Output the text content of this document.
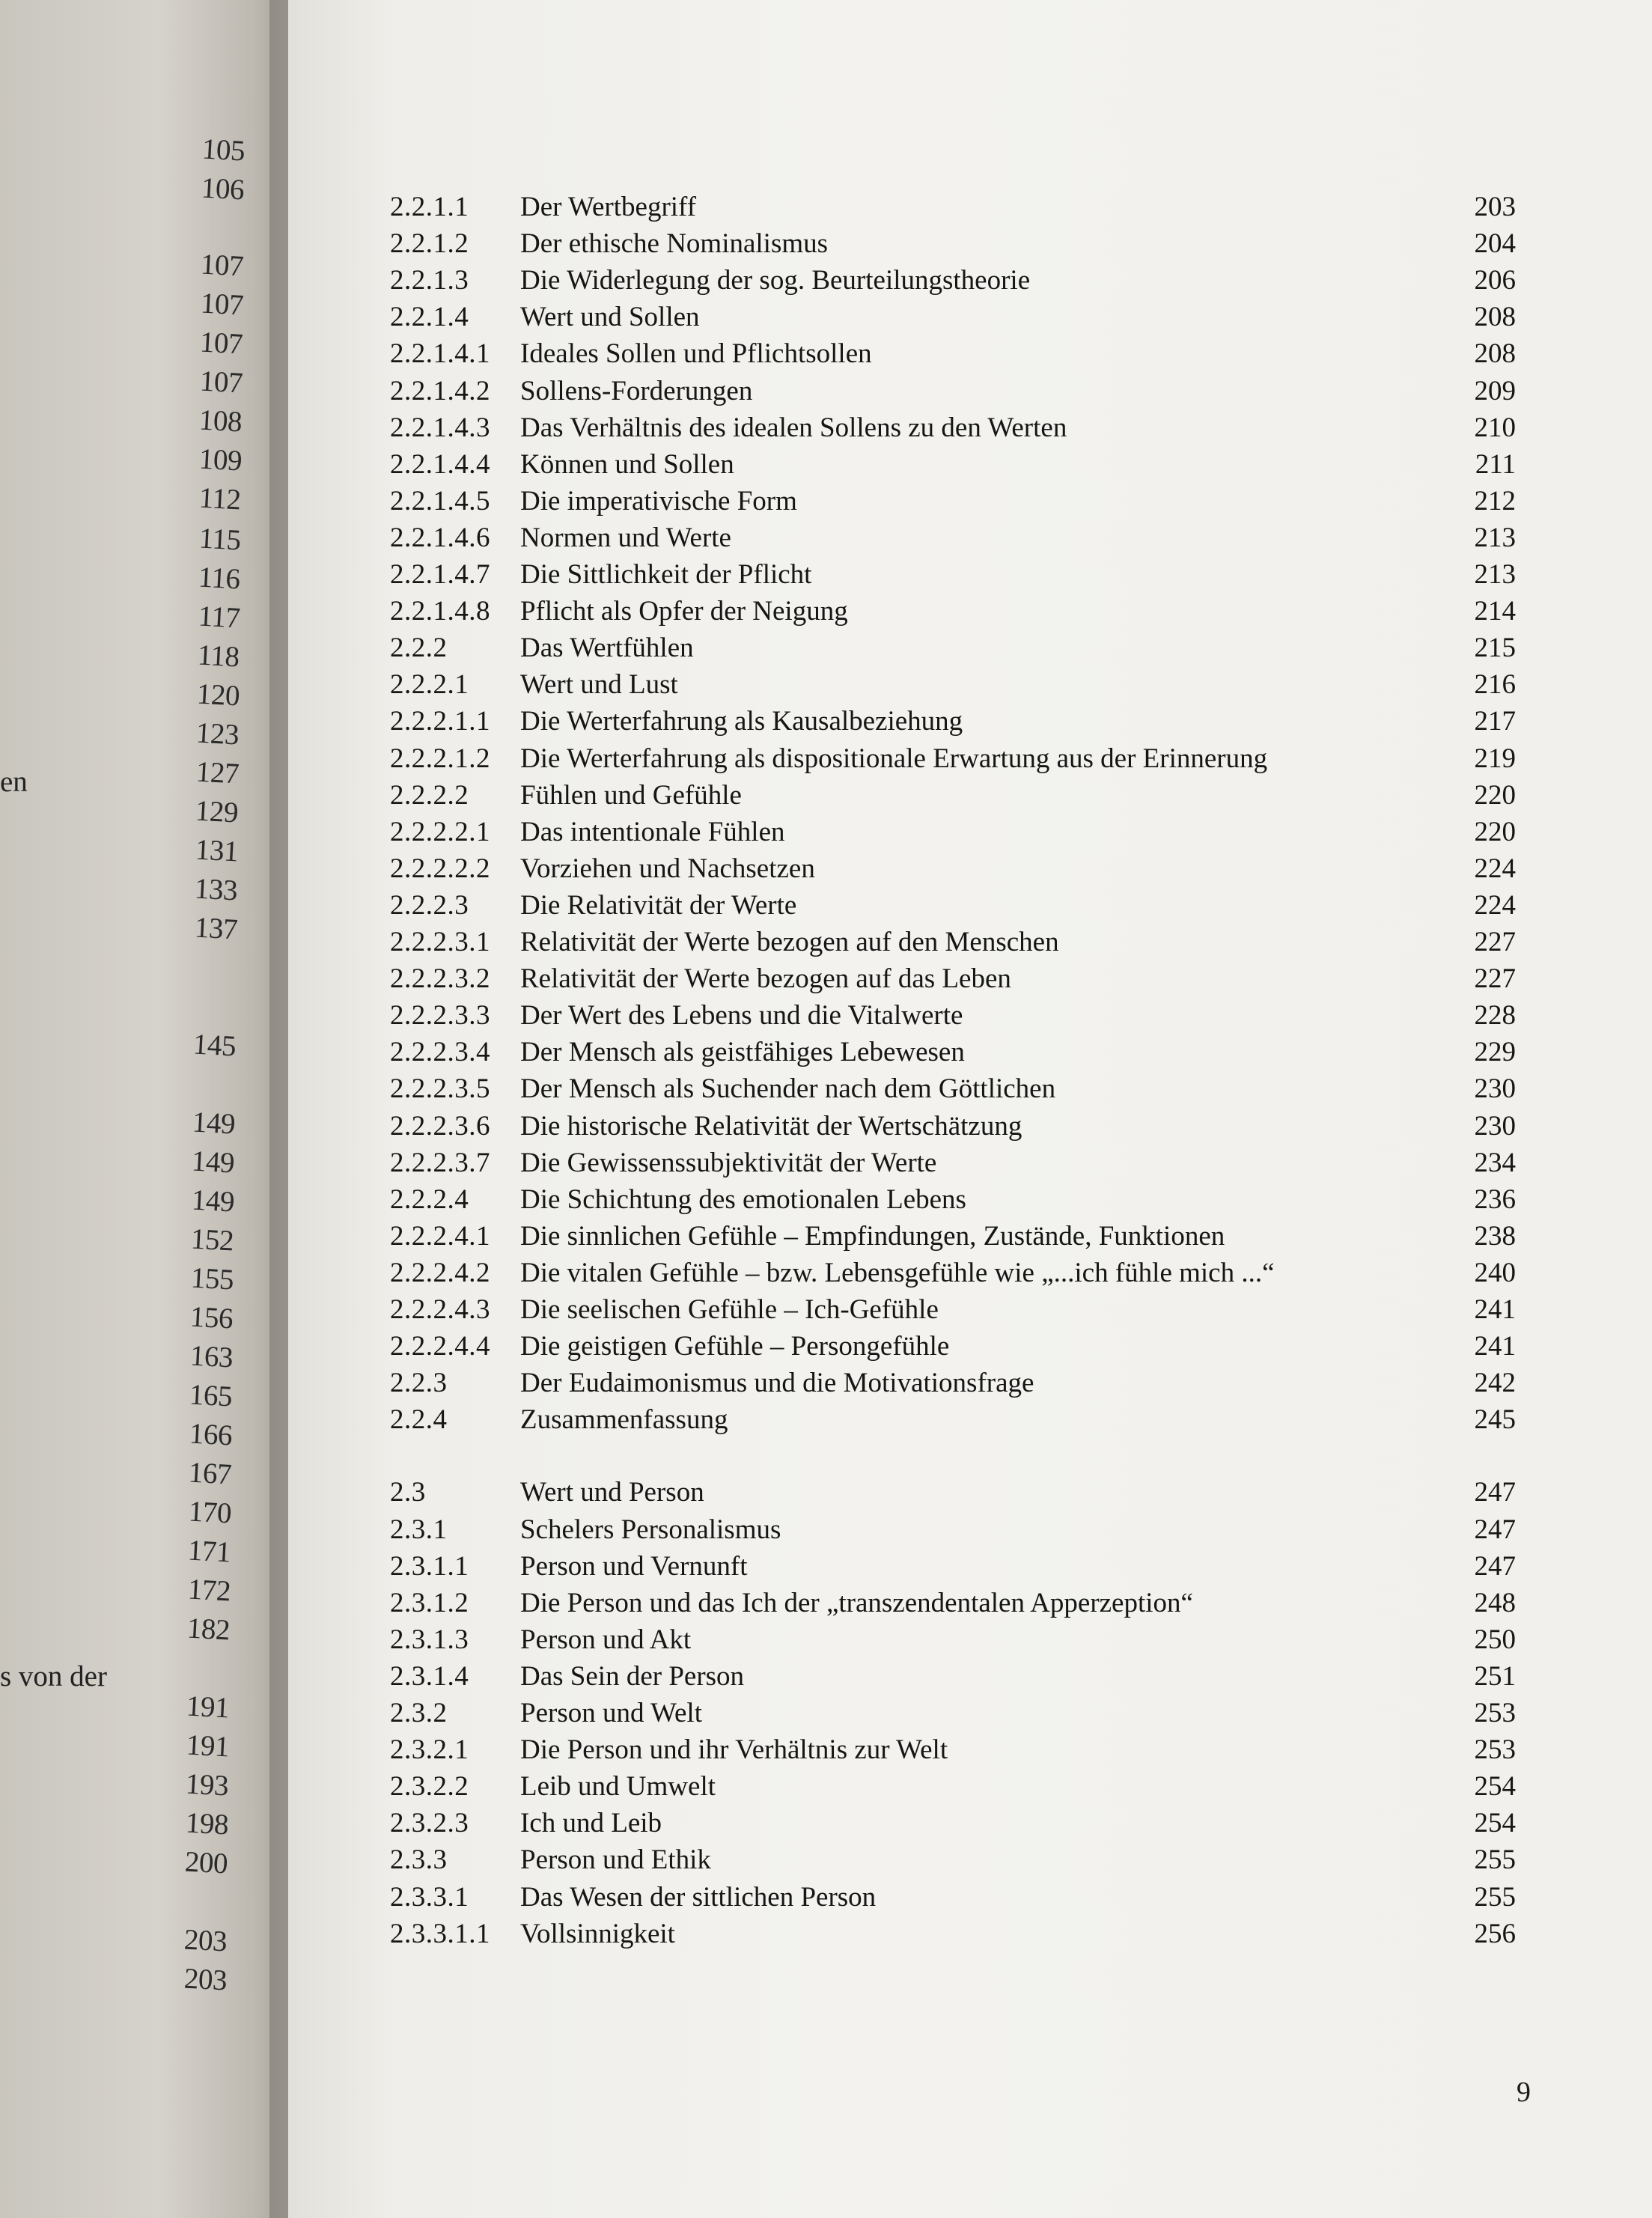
105
106
107
107
107
107
108
109
112
115
116
117
118
120
123
127
129
131
133
137
145
149
149
149
152
155
156
163
165
166
167
170
171
172
182
191
191
193
198
200
203
203
en
s von der
2.2.1.1 Der Wertbegriff	203
2.2.1.2 Der ethische Nominalismus	204
2.2.1.3 Die Widerlegung der sog. Beurteilungstheorie	206
2.2.1.4 Wert und Sollen	208
2.2.1.4.1 Ideales Sollen und Pflichtsollen	208
2.2.1.4.2 Sollens-Forderungen	209
2.2.1.4.3 Das Verhältnis des idealen Sollens zu den Werten	210
2.2.1.4.4 Können und Sollen	211
2.2.1.4.5 Die imperativische Form	212
2.2.1.4.6 Normen und Werte	213
2.2.1.4.7 Die Sittlichkeit der Pflicht	213
2.2.1.4.8 Pflicht als Opfer der Neigung	214
2.2.2	Das Wertfühlen	215
2.2.2.1 Wert und Lust	216
2.2.2.1.1 Die Werterfahrung als Kausalbeziehung	217
2.2.2.1.2 Die Werterfahrung als dispositionale Erwartung aus der Erinnerung	219
2.2.2.2 Fühlen und Gefühle	220
2.2.2.2.1 Das intentionale Fühlen	220
2.2.2.2.2 Vorziehen und Nachsetzen	224
2.2.2.3 Die Relativität der Werte	224
2.2.2.3.1 Relativität der Werte bezogen auf den Menschen	227
2.2.2.3.2 Relativität der Werte bezogen auf das Leben	227
2.2.2.3.3 Der Wert des Lebens und die Vitalwerte	228
2.2.2.3.4 Der Mensch als geistfähiges Lebewesen	229
2.2.2.3.5 Der Mensch als Suchender nach dem Göttlichen	230
2.2.2.3.6 Die historische Relativität der Wertschätzung	230
2.2.2.3.7 Die Gewissenssubjektivität der Werte	234
2.2.2.4 Die Schichtung des emotionalen Lebens	236
2.2.2.4.1 Die sinnlichen Gefühle – Empfindungen, Zustände, Funktionen	238
2.2.2.4.2 Die vitalen Gefühle – bzw. Lebensgefühle wie „...ich fühle mich ...“	240
2.2.2.4.3 Die seelischen Gefühle – Ich-Gefühle	241
2.2.2.4.4 Die geistigen Gefühle – Persongefühle	241
2.2.3	Der Eudaimonismus und die Motivationsfrage	242
2.2.4	Zusammenfassung	245
2.3	Wert und Person	247
2.3.1	Schelers Personalismus	247
2.3.1.1 Person und Vernunft	247
2.3.1.2 Die Person und das Ich der „transzendentalen Apperzeption“	248
2.3.1.3 Person und Akt	250
2.3.1.4 Das Sein der Person	251
2.3.2	Person und Welt	253
2.3.2.1 Die Person und ihr Verhältnis zur Welt	253
2.3.2.2 Leib und Umwelt	254
2.3.2.3 Ich und Leib	254
2.3.3	Person und Ethik	255
2.3.3.1 Das Wesen der sittlichen Person	255
2.3.3.1.1 Vollsinnigkeit	256
9
